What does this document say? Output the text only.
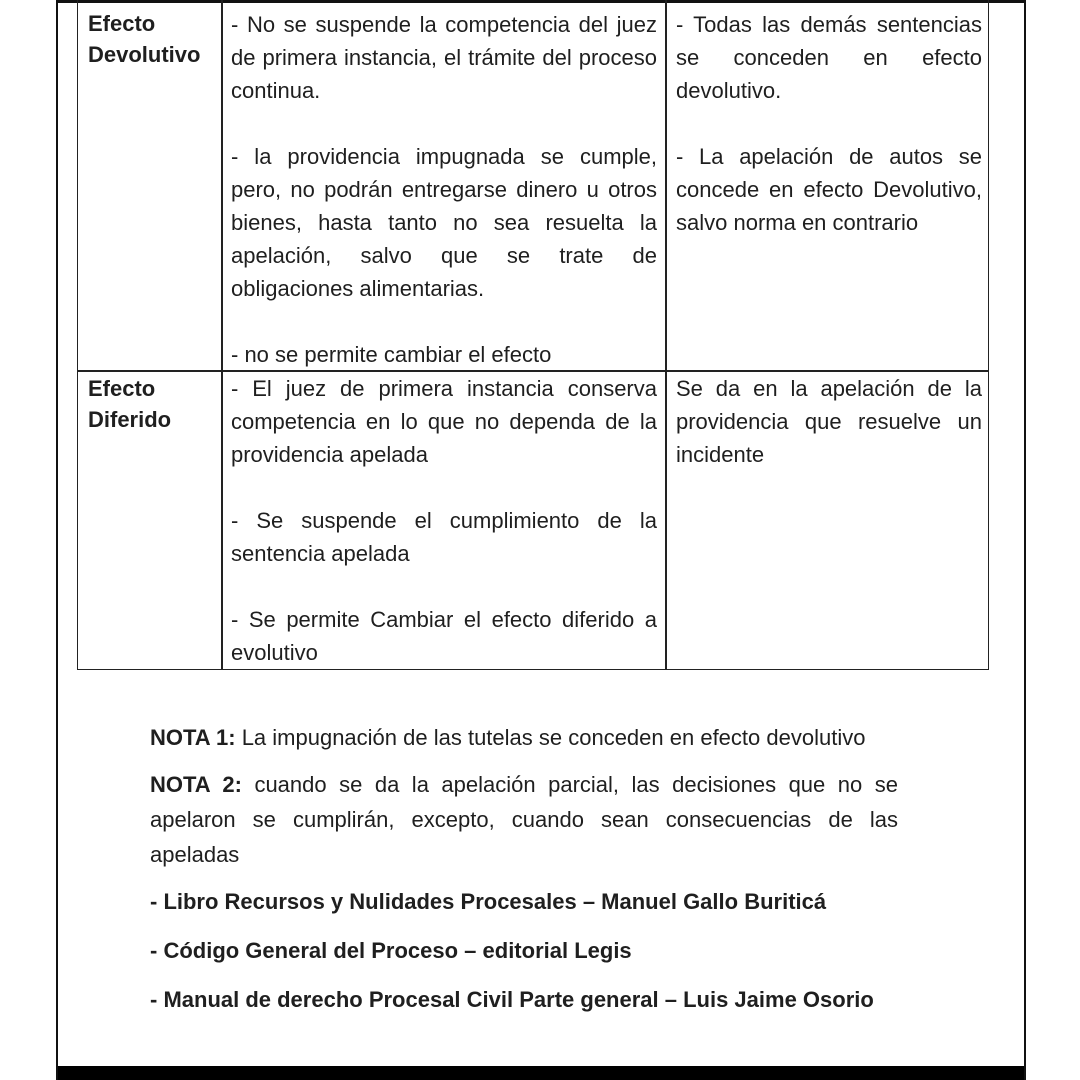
Efecto
Devolutivo

- No se suspende la competencia del juez de primera instancia, el trámite del proceso continua.

- la providencia impugnada se cumple, pero, no podrán entregarse dinero u otros bienes, hasta tanto no sea resuelta la apelación, salvo que se trate de obligaciones alimentarias.

- no se permite cambiar el efecto

- Todas las demás sentencias se conceden en efecto devolutivo.

- La apelación de autos se concede en efecto Devolutivo, salvo norma en contrario

Efecto
Diferido

- El juez de primera instancia conserva competencia en lo que no dependa de la providencia apelada

- Se suspende el cumplimiento de la sentencia apelada

- Se permite Cambiar el efecto diferido a evolutivo

Se da en la apelación de la providencia que resuelve un incidente

NOTA 1: La impugnación de las tutelas se conceden en efecto devolutivo

NOTA 2: cuando se da la apelación parcial, las decisiones que no se apelaron se cumplirán, excepto, cuando sean consecuencias de las apeladas

- Libro Recursos y Nulidades Procesales – Manuel Gallo Buriticá
- Código General del Proceso – editorial Legis
- Manual de derecho Procesal Civil Parte general – Luis Jaime Osorio
